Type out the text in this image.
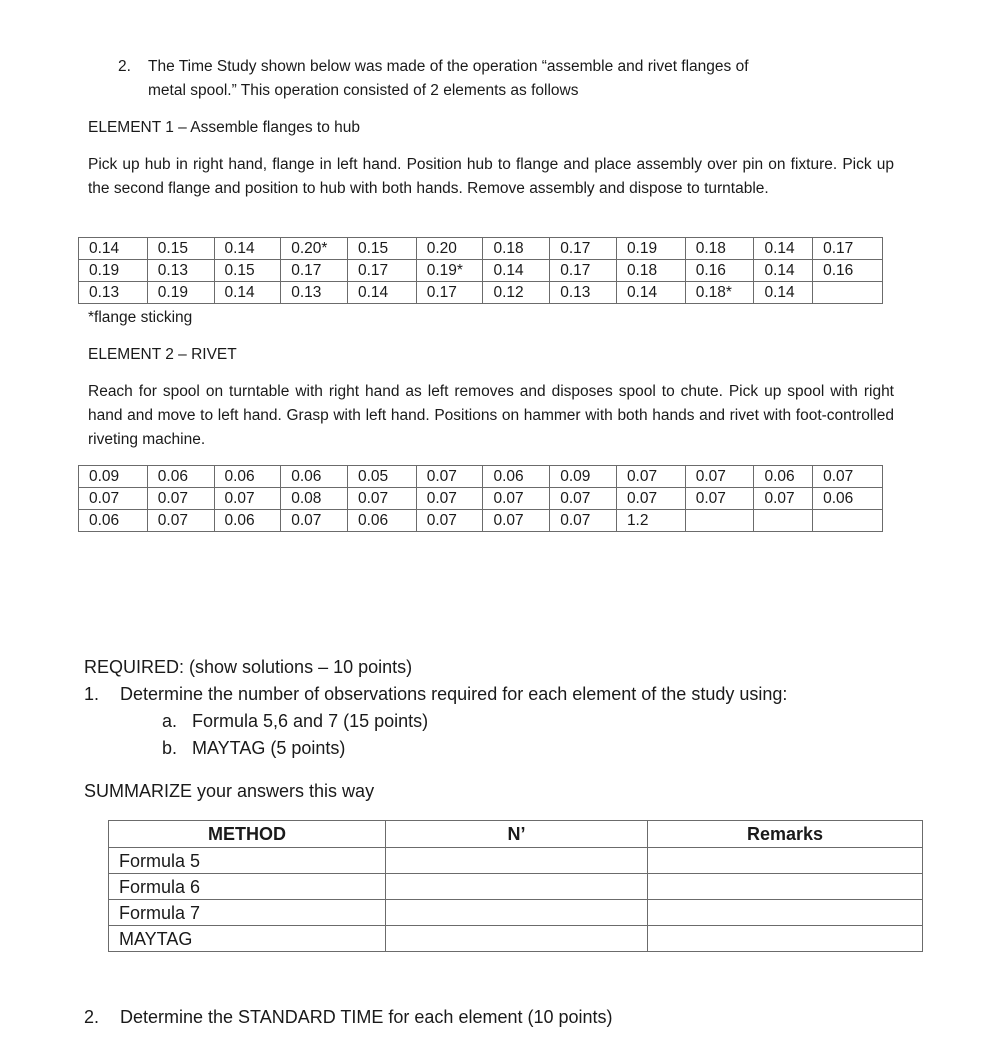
2. The Time Study shown below was made of the operation “assemble and rivet flanges of
metal spool.” This operation consisted of 2 elements as follows
ELEMENT 1 – Assemble flanges to hub
Pick up hub in right hand, flange in left hand. Position hub to flange and place assembly over pin on fixture. Pick up the second flange and position to hub with both hands. Remove assembly and dispose to turntable.
0.14	0.15	0.14	0.20*	0.15	0.20	0.18	0.17	0.19	0.18	0.14	0.17
0.19	0.13	0.15	0.17	0.17	0.19*	0.14	0.17	0.18	0.16	0.14	0.16
0.13	0.19	0.14	0.13	0.14	0.17	0.12	0.13	0.14	0.18*	0.14	
*flange sticking
ELEMENT 2 – RIVET
Reach for spool on turntable with right hand as left removes and disposes spool to chute. Pick up spool with right hand and move to left hand. Grasp with left hand. Positions on hammer with both hands and rivet with foot-controlled riveting machine.
0.09	0.06	0.06	0.06	0.05	0.07	0.06	0.09	0.07	0.07	0.06	0.07
0.07	0.07	0.07	0.08	0.07	0.07	0.07	0.07	0.07	0.07	0.07	0.06
0.06	0.07	0.06	0.07	0.06	0.07	0.07	0.07	1.2			
REQUIRED: (show solutions – 10 points)
1. Determine the number of observations required for each element of the study using:
a. Formula 5,6 and 7 (15 points)
b. MAYTAG (5 points)
SUMMARIZE your answers this way
METHOD	N’	Remarks
Formula 5		
Formula 6		
Formula 7		
MAYTAG		
2. Determine the STANDARD TIME for each element (10 points)
